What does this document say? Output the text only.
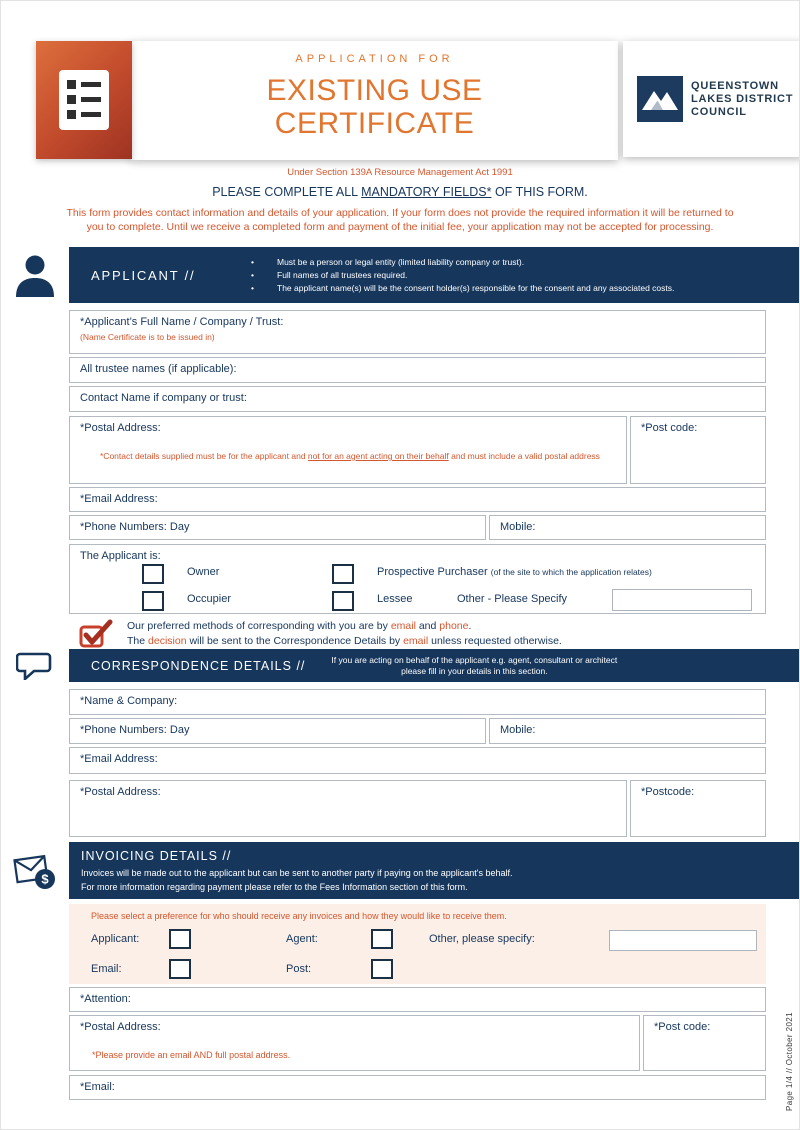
APPLICATION FOR
EXISTING USE
CERTIFICATE
QUEENSTOWN
LAKES DISTRICT
COUNCIL
Under Section 139A Resource Management Act 1991
PLEASE COMPLETE ALL MANDATORY FIELDS* OF THIS FORM.
This form provides contact information and details of your application. If your form does not provide the required information it will be returned to you to complete. Until we receive a completed form and payment of the initial fee, your application may not be accepted for processing.
APPLICANT //
•	Must be a person or legal entity (limited liability company or trust).
•	Full names of all trustees required.
•	The applicant name(s) will be the consent holder(s) responsible for the consent and any associated costs.
*Applicant’s Full Name / Company / Trust:
(Name Certificate is to be issued in)
All trustee names (if applicable):
Contact Name if company or trust:
*Postal Address:
*Contact details supplied must be for the applicant and not for an agent acting on their behalf and must include a valid postal address
*Post code:
*Email Address:
*Phone Numbers: Day	Mobile:
The Applicant is:
Owner	Prospective Purchaser (of the site to which the application relates)
Occupier	Lessee	Other - Please Specify
Our preferred methods of corresponding with you are by email and phone.
The decision will be sent to the Correspondence Details by email unless requested otherwise.
CORRESPONDENCE DETAILS //	If you are acting on behalf of the applicant e.g. agent, consultant or architect
please fill in your details in this section.
*Name & Company:
*Phone Numbers: Day	Mobile:
*Email Address:
*Postal Address:	*Postcode:
$
INVOICING DETAILS //
Invoices will be made out to the applicant but can be sent to another party if paying on the applicant's behalf.
For more information regarding payment please refer to the Fees Information section of this form.
Please select a preference for who should receive any invoices and how they would like to receive them.
Applicant:	Agent:	Other, please specify:
Email:	Post:
*Attention:
*Postal Address:
*Please provide an email AND full postal address.
*Post code:
*Email:	Page 1/4 // October 2021
